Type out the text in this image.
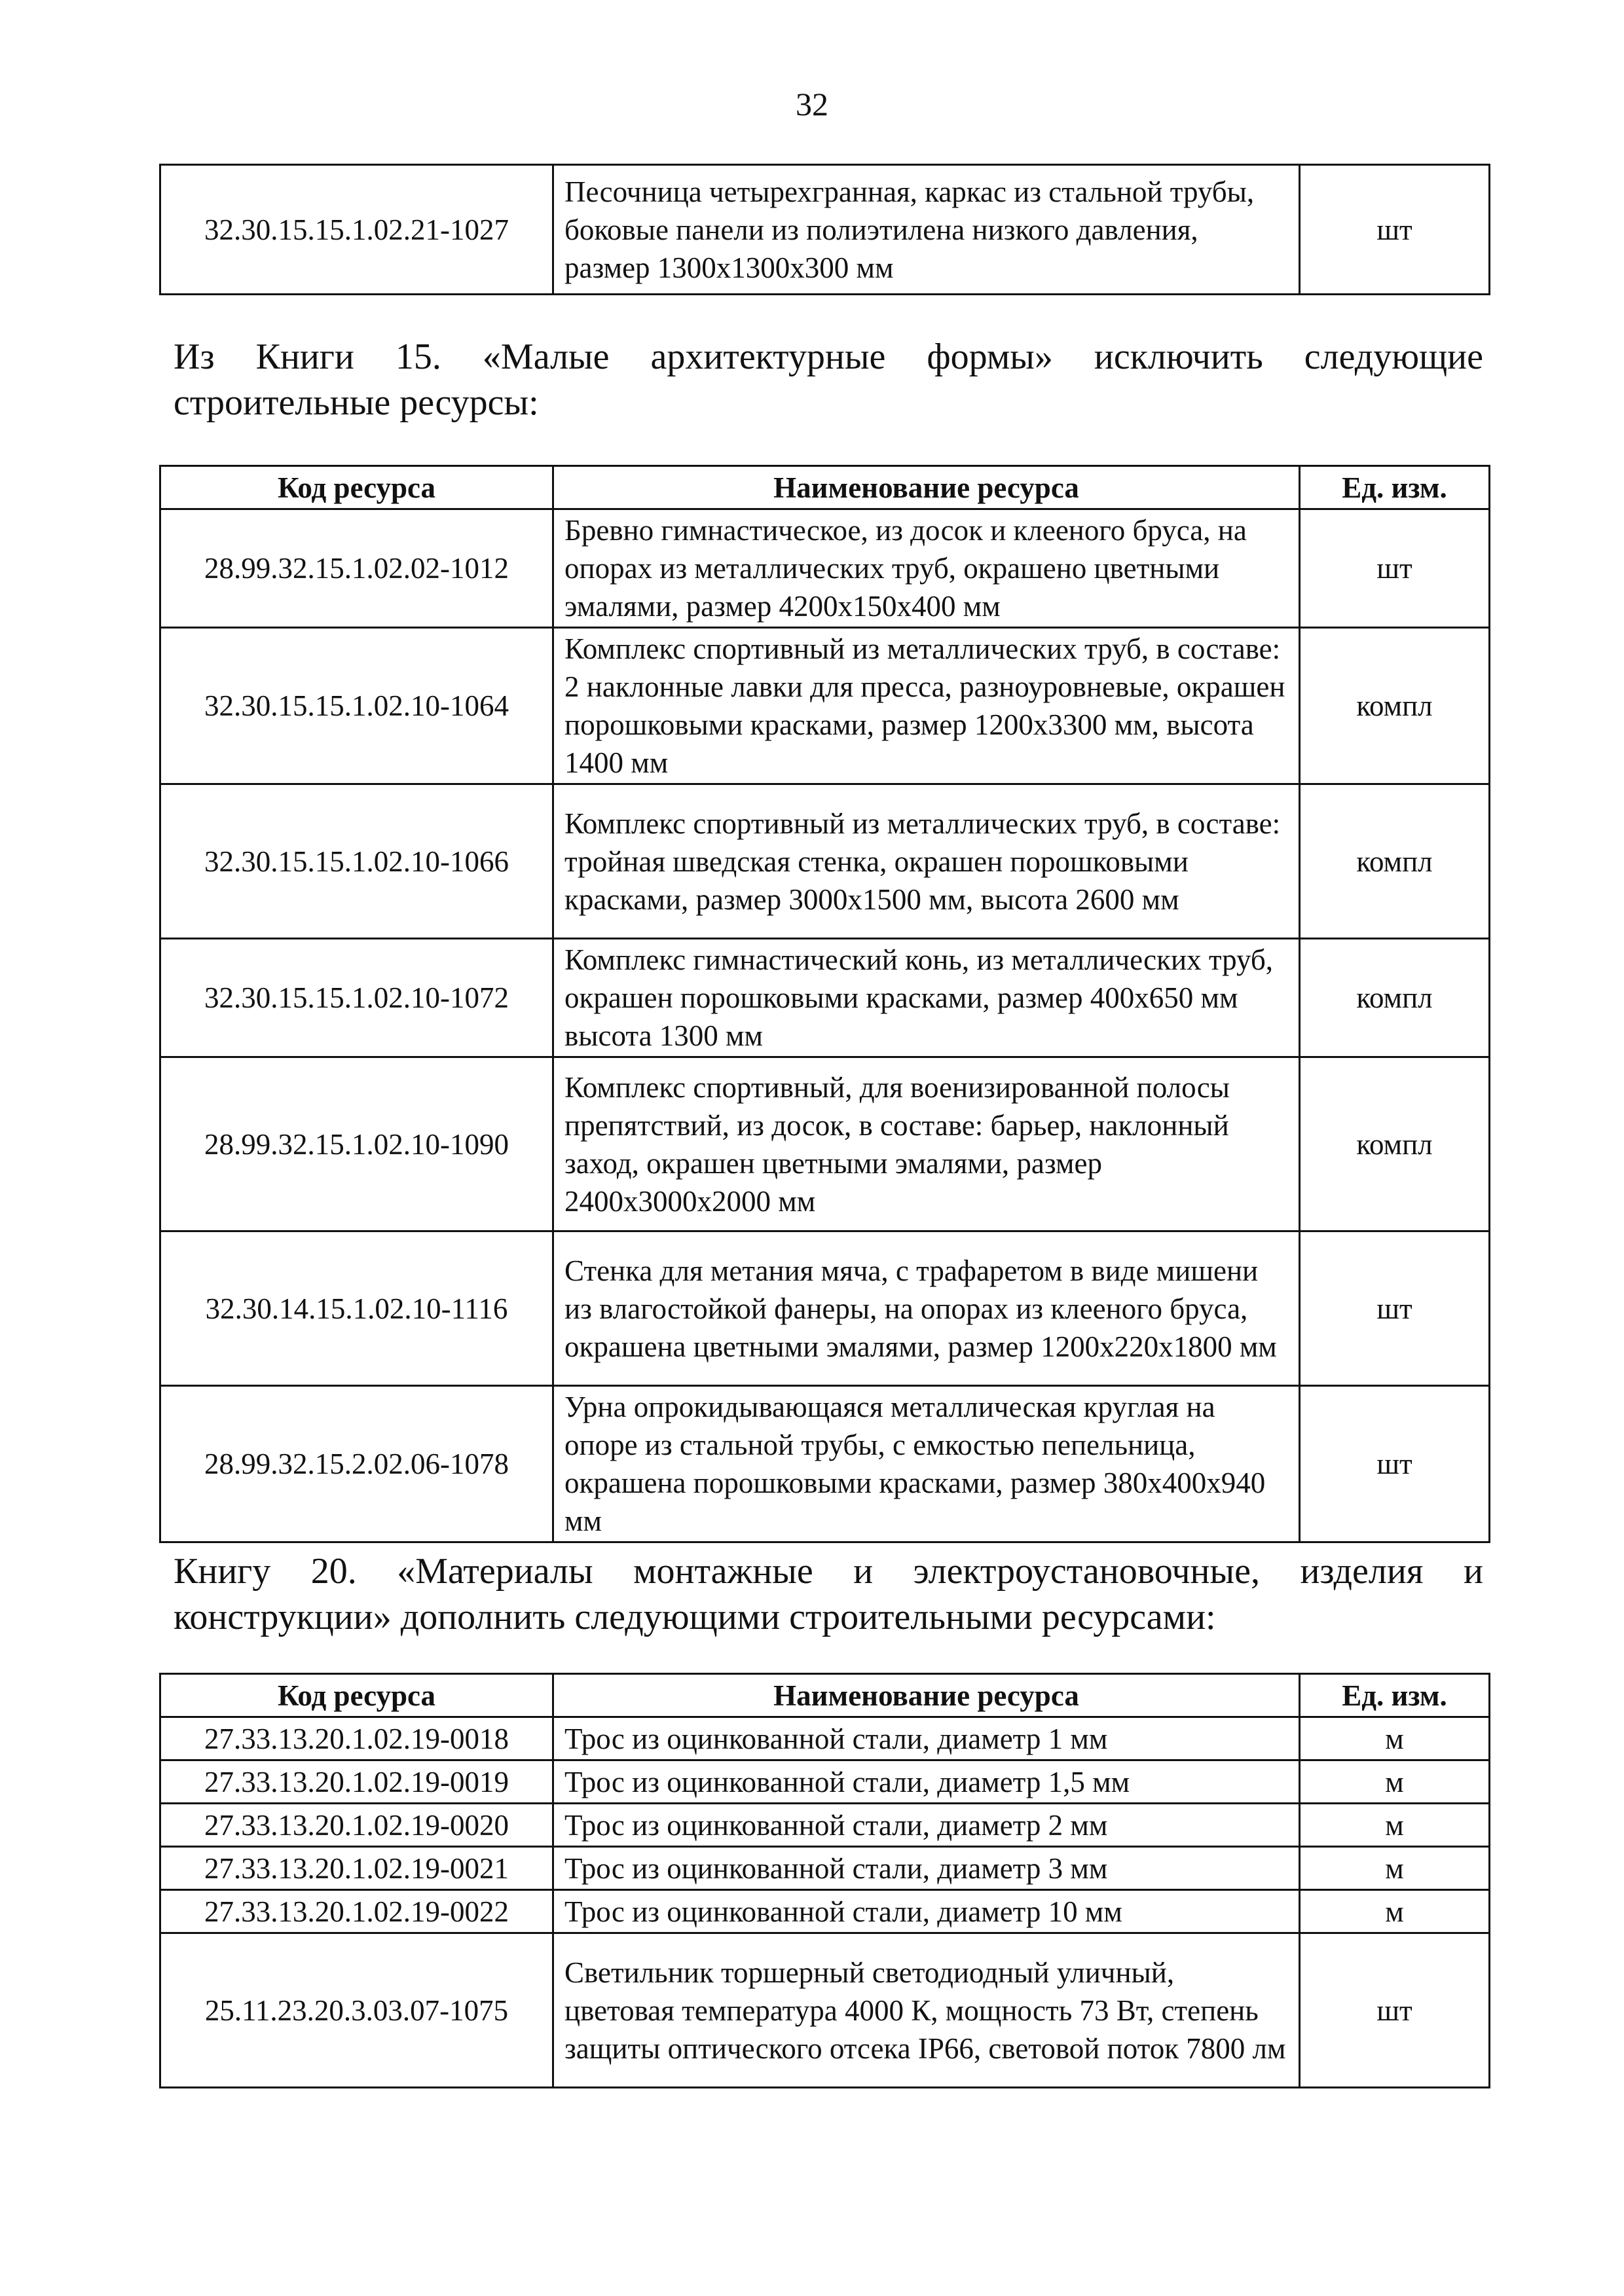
32
32.30.15.15.1.02.21-1027	Песочница четырехгранная, каркас из стальной трубы, боковые панели из полиэтилена низкого давления, размер 1300х1300х300 мм	шт
Из Книги 15. «Малые архитектурные формы» исключить следующие строительные ресурсы:
Код ресурса	Наименование ресурса	Ед. изм.
28.99.32.15.1.02.02-1012	Бревно гимнастическое, из досок и клееного бруса, на опорах из металлических труб, окрашено цветными эмалями, размер 4200х150х400 мм	шт
32.30.15.15.1.02.10-1064	Комплекс спортивный из металлических труб, в составе: 2 наклонные лавки для пресса, разноуровневые, окрашен порошковыми красками, размер 1200х3300 мм, высота 1400 мм	компл
32.30.15.15.1.02.10-1066	Комплекс спортивный из металлических труб, в составе: тройная шведская стенка, окрашен порошковыми красками, размер 3000х1500 мм, высота 2600 мм	компл
32.30.15.15.1.02.10-1072	Комплекс гимнастический конь, из металлических труб, окрашен порошковыми красками, размер 400х650 мм высота 1300 мм	компл
28.99.32.15.1.02.10-1090	Комплекс спортивный, для военизированной полосы препятствий, из досок, в составе: барьер, наклонный заход, окрашен цветными эмалями, размер 2400х3000х2000 мм	компл
32.30.14.15.1.02.10-1116	Стенка для метания мяча, с трафаретом в виде мишени из влагостойкой фанеры, на опорах из клееного бруса, окрашена цветными эмалями, размер 1200х220х1800 мм	шт
28.99.32.15.2.02.06-1078	Урна опрокидывающаяся металлическая круглая на опоре из стальной трубы, с емкостью пепельница, окрашена порошковыми красками, размер 380х400х940 мм	шт
Книгу 20. «Материалы монтажные и электроустановочные, изделия и конструкции» дополнить следующими строительными ресурсами:
Код ресурса	Наименование ресурса	Ед. изм.
27.33.13.20.1.02.19-0018	Трос из оцинкованной стали, диаметр 1 мм	м
27.33.13.20.1.02.19-0019	Трос из оцинкованной стали, диаметр 1,5 мм	м
27.33.13.20.1.02.19-0020	Трос из оцинкованной стали, диаметр 2 мм	м
27.33.13.20.1.02.19-0021	Трос из оцинкованной стали, диаметр 3 мм	м
27.33.13.20.1.02.19-0022	Трос из оцинкованной стали, диаметр 10 мм	м
25.11.23.20.3.03.07-1075	Светильник торшерный светодиодный уличный, цветовая температура 4000 К, мощность 73 Вт, степень защиты оптического отсека IP66, световой поток 7800 лм	шт
